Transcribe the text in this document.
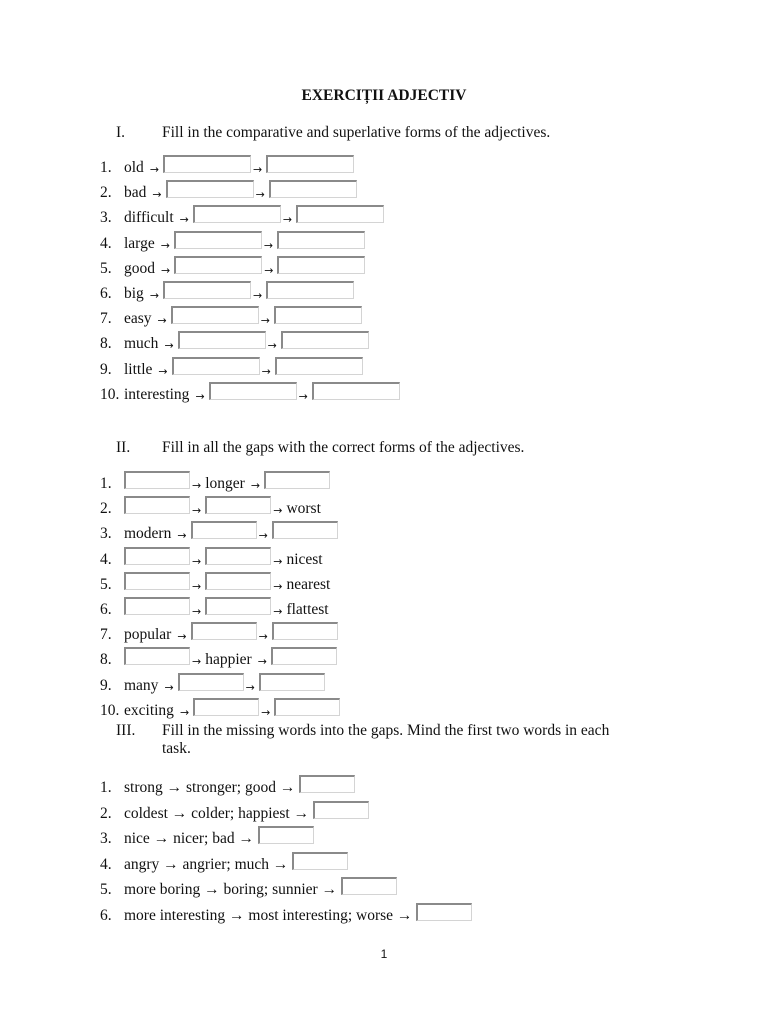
EXERCIȚII ADJECTIV
I. Fill in the comparative and superlative forms of the adjectives.
1. old →	→
2. bad →	→
3. difficult →	→
4. large →	→
5. good →	→
6. big →	→
7. easy →	→
8. much →	→
9. little →	→
10. interesting →	→
II. Fill in all the gaps with the correct forms of the adjectives.
1.	→ longer →
2.	→	→ worst
3. modern →	→
4.	→	→ nicest
5.	→	→ nearest
6.	→	→ flattest
7. popular →	→
8.	→ happier →
9. many →	→
10. exciting →	→
III. Fill in the missing words into the gaps. Mind the first two words in each
task.
1. strong → stronger; good →
2. coldest → colder; happiest →
3. nice → nicer; bad →
4. angry → angrier; much →
5. more boring → boring; sunnier →
6. more interesting → most interesting; worse →
1
